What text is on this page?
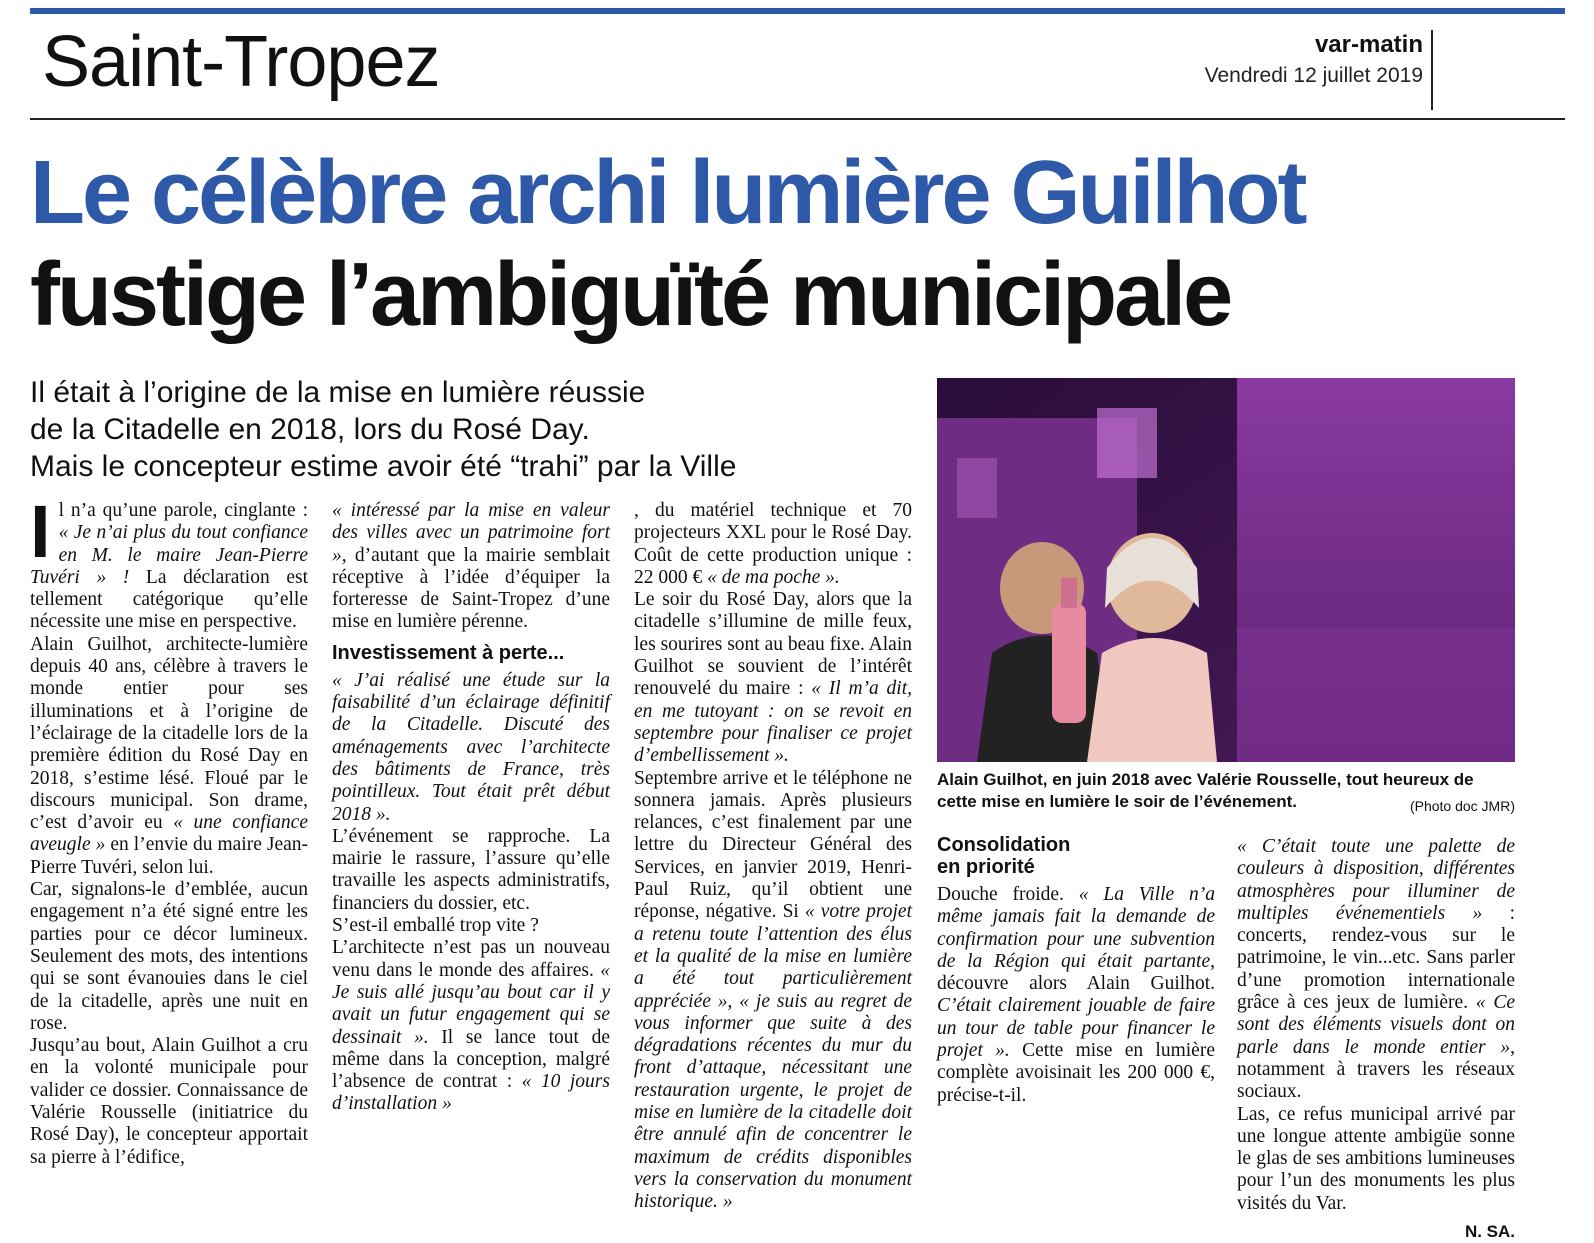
Saint-Tropez	var-matin
Vendredi 12 juillet 2019
Le célèbre archi lumière Guilhot
fustige l’ambiguïté municipale
Il était à l’origine de la mise en lumière réussie
de la Citadelle en 2018, lors du Rosé Day.
Mais le concepteur estime avoir été “trahi” par la Ville
Alain Guilhot, en juin 2018 avec Valérie Rousselle, tout heureux de cette mise en lumière le soir de l’événement.	(Photo doc JMR)

Il n’a qu’une parole, cinglante : « Je n’ai plus du tout confiance en M. le maire Jean-Pierre Tuvéri » ! La déclaration est tellement catégorique qu’elle nécessite une mise en perspective.

Alain Guilhot, architecte-lumière depuis 40 ans, célèbre à travers le monde entier pour ses illuminations et à l’origine de l’éclairage de la citadelle lors de la première édition du Rosé Day en 2018, s’estime lésé. Floué par le discours municipal. Son drame, c’est d’avoir eu « une confiance aveugle » en l’envie du maire Jean-Pierre Tuvéri, selon lui.

Car, signalons-le d’emblée, aucun engagement n’a été signé entre les parties pour ce décor lumineux. Seulement des mots, des intentions qui se sont évanouies dans le ciel de la citadelle, après une nuit en rose.

Jusqu’au bout, Alain Guilhot a cru en la volonté municipale pour valider ce dossier. Connaissance de Valérie Rousselle (initiatrice du Rosé Day), le concepteur apportait sa pierre à l’édifice,

« intéressé par la mise en valeur des villes avec un patrimoine fort », d’autant que la mairie semblait réceptive à l’idée d’équiper la forteresse de Saint-Tropez d’une mise en lumière pérenne.

Investissement à perte...

« J’ai réalisé une étude sur la faisabilité d’un éclairage définitif de la Citadelle. Discuté des aménagements avec l’architecte des bâtiments de France, très pointilleux. Tout était prêt début 2018 ».

L’événement se rapproche. La mairie le rassure, l’assure qu’elle travaille les aspects administratifs, financiers du dossier, etc.

S’est-il emballé trop vite ?

L’architecte n’est pas un nouveau venu dans le monde des affaires. « Je suis allé jusqu’au bout car il y avait un futur engagement qui se dessinait ». Il se lance tout de même dans la conception, malgré l’absence de contrat : « 10 jours d’installation »

, du matériel technique et 70 projecteurs XXL pour le Rosé Day. Coût de cette production unique : 22 000 € « de ma poche ».

Le soir du Rosé Day, alors que la citadelle s’illumine de mille feux, les sourires sont au beau fixe. Alain Guilhot se souvient de l’intérêt renouvelé du maire : « Il m’a dit, en me tutoyant : on se revoit en septembre pour finaliser ce projet d’embellissement ».

Septembre arrive et le téléphone ne sonnera jamais. Après plusieurs relances, c’est finalement par une lettre du Directeur Général des Services, en janvier 2019, Henri-Paul Ruiz, qu’il obtient une réponse, négative. Si « votre projet a retenu toute l’attention des élus et la qualité de la mise en lumière a été tout particulièrement appréciée », « je suis au regret de vous informer que suite à des dégradations récentes du mur du front d’attaque, nécessitant une restauration urgente, le projet de mise en lumière de la citadelle doit être annulé afin de concentrer le maximum de crédits disponibles vers la conservation du monument historique. »

Consolidation
en priorité

Douche froide. « La Ville n’a même jamais fait la demande de confirmation pour une subvention de la Région qui était partante, découvre alors Alain Guilhot. C’était clairement jouable de faire un tour de table pour financer le projet ». Cette mise en lumière complète avoisinait les 200 000 €, précise-t-il.

« C’était toute une palette de couleurs à disposition, différentes atmosphères pour illuminer de multiples événementiels » : concerts, rendez-vous sur le patrimoine, le vin...etc. Sans parler d’une promotion internationale grâce à ces jeux de lumière. « Ce sont des éléments visuels dont on parle dans le monde entier », notamment à travers les réseaux sociaux.

Las, ce refus municipal arrivé par une longue attente ambigüe sonne le glas de ses ambitions lumineuses pour l’un des monuments les plus visités du Var.

N. SA.
